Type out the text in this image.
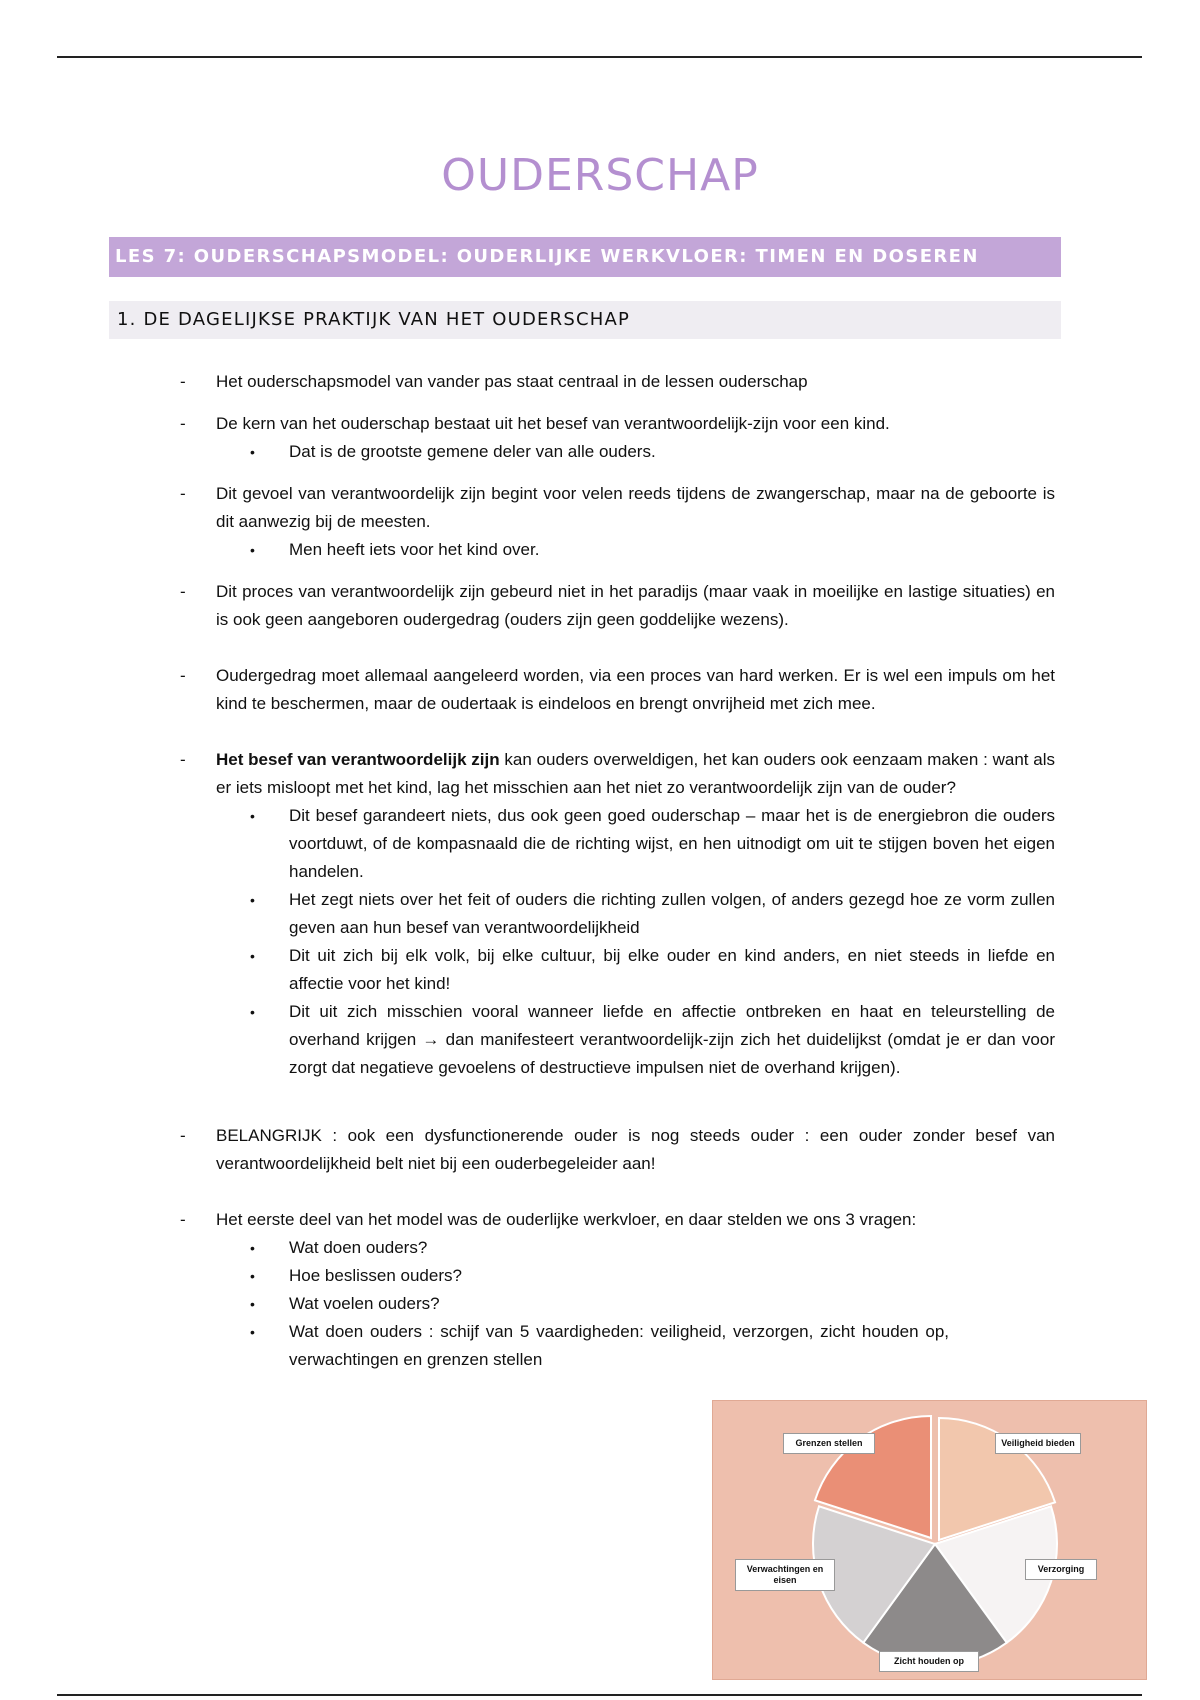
OUDERSCHAP
LES 7: OUDERSCHAPSMODEL: OUDERLIJKE WERKVLOER: TIMEN EN DOSEREN
1. DE DAGELIJKSE PRAKTIJK VAN HET OUDERSCHAP

- Het ouderschapsmodel van vander pas staat centraal in de lessen ouderschap

- De kern van het ouderschap bestaat uit het besef van verantwoordelijk-zijn voor een kind.

• Dat is de grootste gemene deler van alle ouders.

- Dit gevoel van verantwoordelijk zijn begint voor velen reeds tijdens de zwangerschap, maar na de geboorte is dit aanwezig bij de meesten.

• Men heeft iets voor het kind over.

- Dit proces van verantwoordelijk zijn gebeurd niet in het paradijs (maar vaak in moeilijke en lastige situaties) en is ook geen aangeboren oudergedrag (ouders zijn geen goddelijke wezens).

- Oudergedrag moet allemaal aangeleerd worden, via een proces van hard werken. Er is wel een impuls om het kind te beschermen, maar de oudertaak is eindeloos en brengt onvrijheid met zich mee.

- Het besef van verantwoordelijk zijn kan ouders overweldigen, het kan ouders ook eenzaam maken : want als er iets misloopt met het kind, lag het misschien aan het niet zo verantwoordelijk zijn van de ouder?

• Dit besef garandeert niets, dus ook geen goed ouderschap – maar het is de energiebron die ouders voortduwt, of de kompasnaald die de richting wijst, en hen uitnodigt om uit te stijgen boven het eigen handelen.

• Het zegt niets over het feit of ouders die richting zullen volgen, of anders gezegd hoe ze vorm zullen geven aan hun besef van verantwoordelijkheid

• Dit uit zich bij elk volk, bij elke cultuur, bij elke ouder en kind anders, en niet steeds in liefde en affectie voor het kind!

• Dit uit zich misschien vooral wanneer liefde en affectie ontbreken en haat en teleurstelling de overhand krijgen → dan manifesteert verantwoordelijk-zijn zich het duidelijkst (omdat je er dan voor zorgt dat negatieve gevoelens of destructieve impulsen niet de overhand krijgen).

- BELANGRIJK : ook een dysfunctionerende ouder is nog steeds ouder : een ouder zonder besef van verantwoordelijkheid belt niet bij een ouderbegeleider aan!

- Het eerste deel van het model was de ouderlijke werkvloer, en daar stelden we ons 3 vragen:

• Wat doen ouders?

• Hoe beslissen ouders?

• Wat voelen ouders?

• Wat doen ouders : schijf van 5 vaardigheden: veiligheid, verzorgen, zicht houden op, verwachtingen en grenzen stellen

Veiligheid bieden
Verzorging
Zicht houden op
Verwachtingen en eisen
Grenzen stellen
